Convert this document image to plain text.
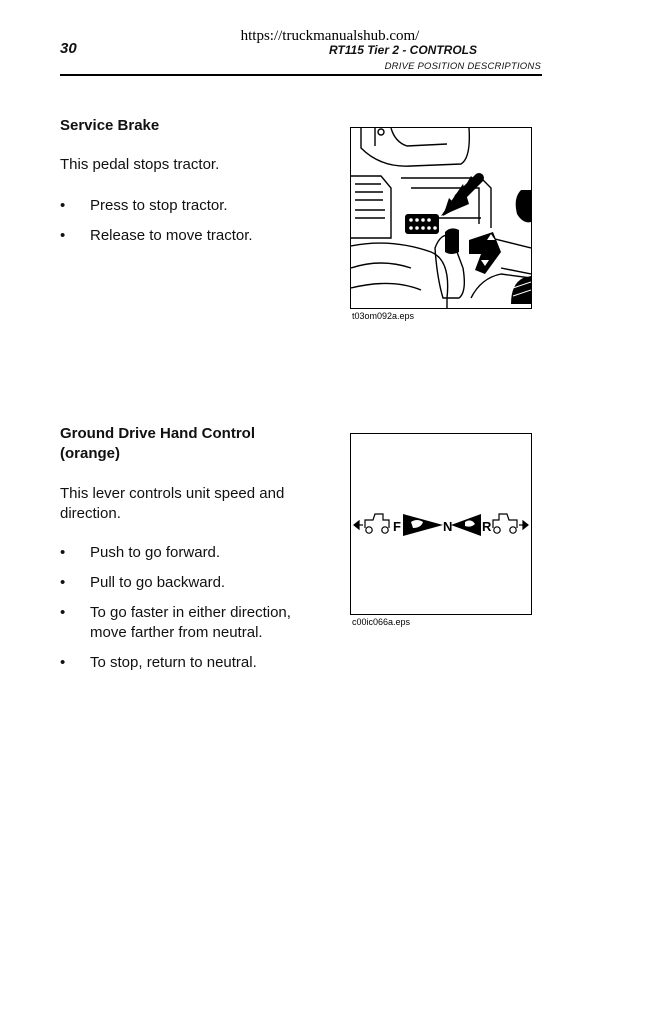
https://truckmanualshub.com/
30	RT115 Tier 2 - CONTROLS
DRIVE POSITION DESCRIPTIONS
Service Brake
This pedal stops tractor.
• Press to stop tractor.
• Release to move tractor.
t03om092a.eps
Ground Drive Hand Control
(orange)
This lever controls unit speed and
direction.
• Push to go forward.
• Pull to go backward.
• To go faster in either direction,
move farther from neutral.
• To stop, return to neutral.
F	N R
c00ic066a.eps
